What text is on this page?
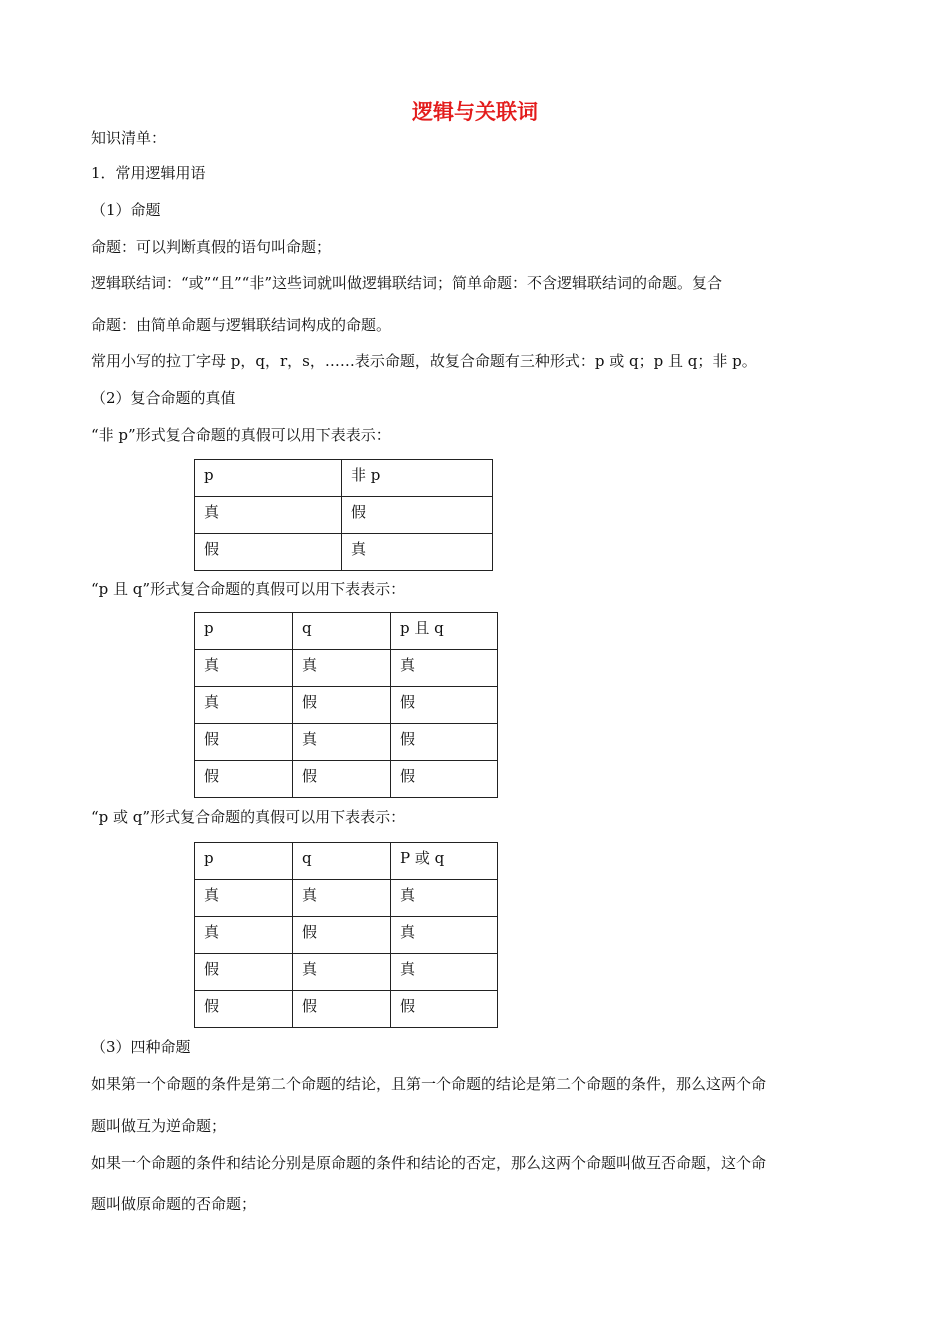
逻辑与关联词
知识清单：
1．常用逻辑用语
（1）命题
命题：可以判断真假的语句叫命题；
逻辑联结词：“或”“且”“非”这些词就叫做逻辑联结词；简单命题：不含逻辑联结词的命题。复合
命题：由简单命题与逻辑联结词构成的命题。
常用小写的拉丁字母 p，q，r，s，……表示命题，故复合命题有三种形式：p 或 q；p 且 q；非 p。
（2）复合命题的真值
“非 p”形式复合命题的真假可以用下表表示：
p	非 p
真	假
假	真
“p 且 q”形式复合命题的真假可以用下表表示：
p	q	p 且 q
真	真	真
真	假	假
假	真	假
假	假	假
“p 或 q”形式复合命题的真假可以用下表表示：
p	q	P 或 q
真	真	真
真	假	真
假	真	真
假	假	假
（3）四种命题
如果第一个命题的条件是第二个命题的结论，且第一个命题的结论是第二个命题的条件，那么这两个命
题叫做互为逆命题；
如果一个命题的条件和结论分别是原命题的条件和结论的否定，那么这两个命题叫做互否命题，这个命
题叫做原命题的否命题；
